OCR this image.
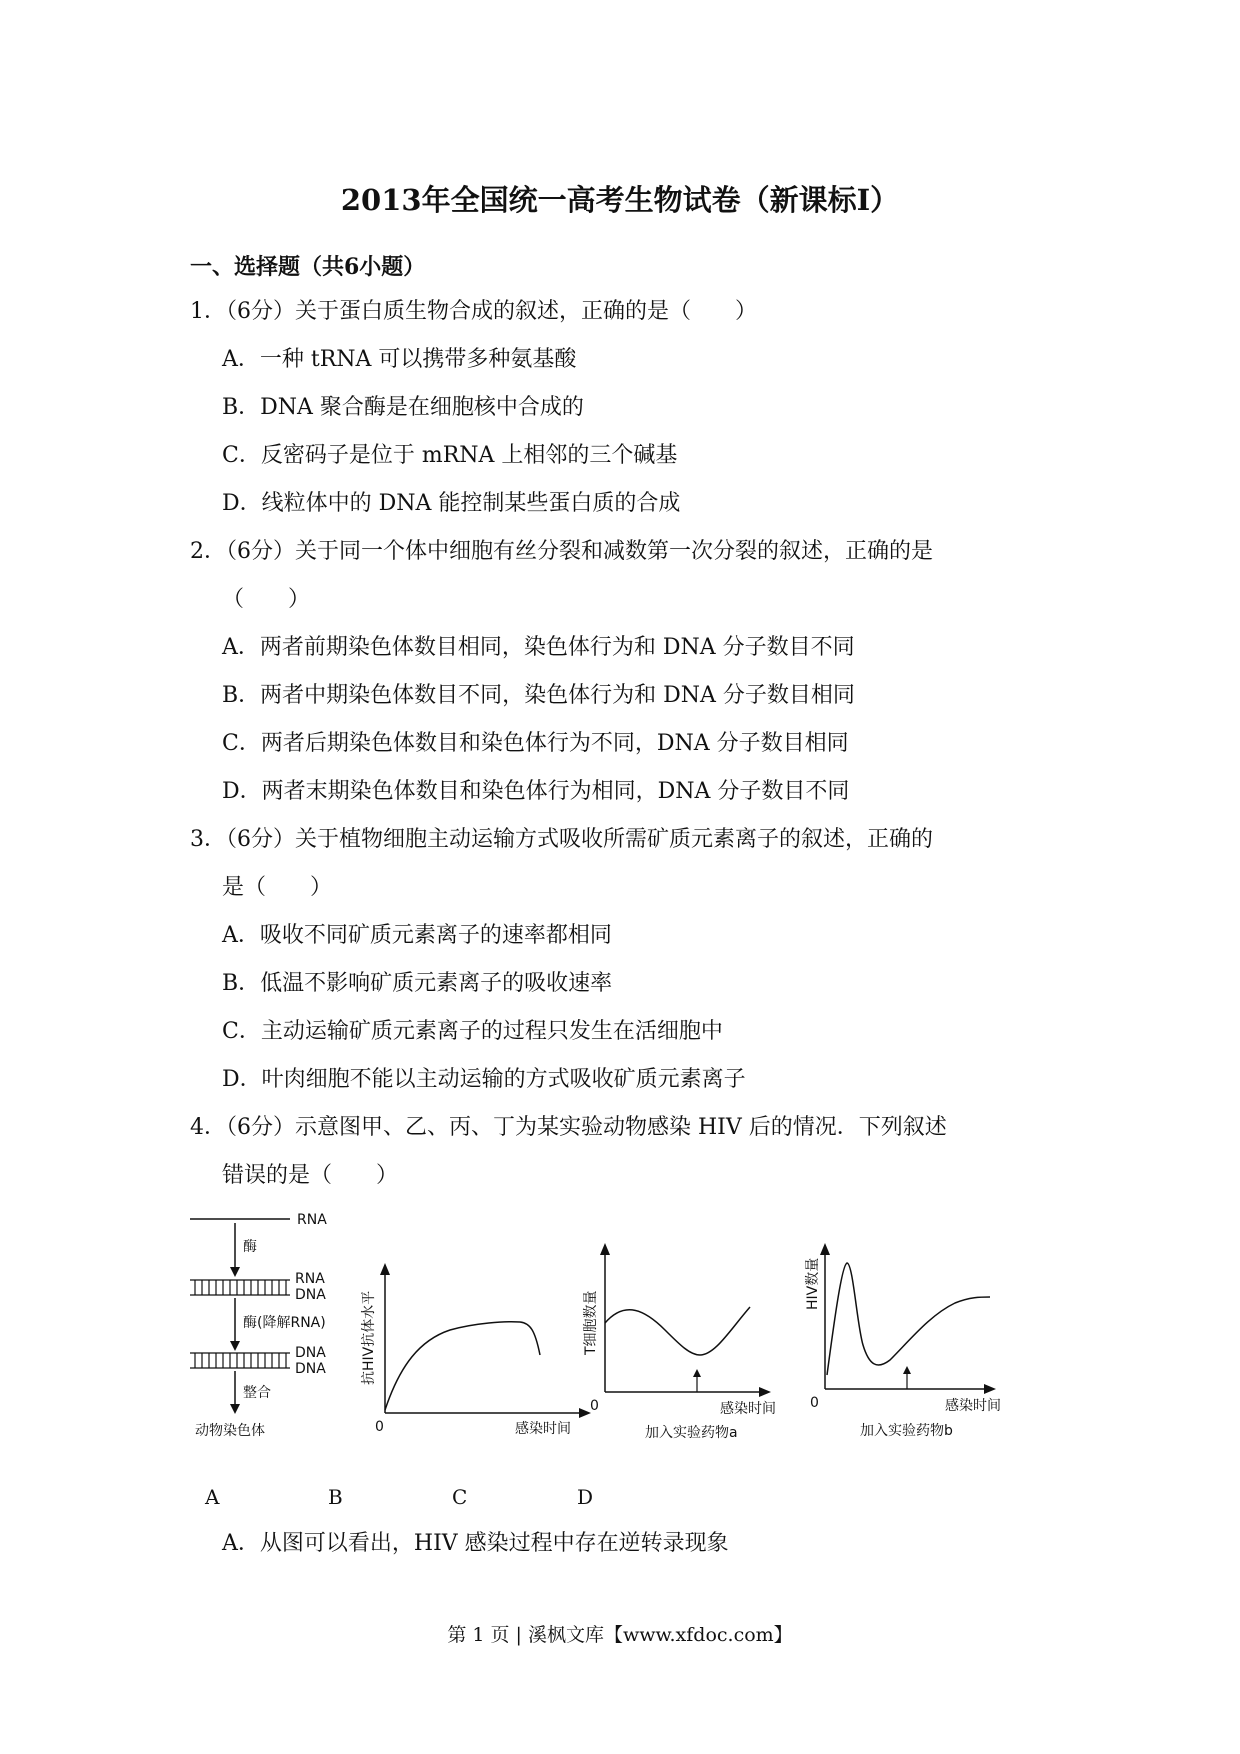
2013年全国统一高考生物试卷（新课标Ⅰ）
一、选择题（共6小题）
1．（6分）关于蛋白质生物合成的叙述，正确的是（　　）
A．一种 tRNA 可以携带多种氨基酸
B．DNA 聚合酶是在细胞核中合成的
C．反密码子是位于 mRNA 上相邻的三个碱基
D．线粒体中的 DNA 能控制某些蛋白质的合成
2．（6分）关于同一个体中细胞有丝分裂和减数第一次分裂的叙述，正确的是
（　　）
A．两者前期染色体数目相同，染色体行为和 DNA 分子数目不同
B．两者中期染色体数目不同，染色体行为和 DNA 分子数目相同
C．两者后期染色体数目和染色体行为不同，DNA 分子数目相同
D．两者末期染色体数目和染色体行为相同，DNA 分子数目不同
3．（6分）关于植物细胞主动运输方式吸收所需矿质元素离子的叙述，正确的
是（　　）
A．吸收不同矿质元素离子的速率都相同
B．低温不影响矿质元素离子的吸收速率
C．主动运输矿质元素离子的过程只发生在活细胞中
D．叶肉细胞不能以主动运输的方式吸收矿质元素离子
4．（6分）示意图甲、乙、丙、丁为某实验动物感染 HIV 后的情况．下列叙述
错误的是（　　）
RNA
酶
RNA
DNA
酶(降解RNA)
DNA
DNA
整合
动物染色体	0	感染时间
抗HIV抗体水平
0	感染时间
加入实验药物a
T细胞数量
0	感染时间
加入实验药物b
HIV数量
A	B	C	D
A．从图可以看出，HIV 感染过程中存在逆转录现象
第 1 页 | 溪枫文库【www.xfdoc.com】
